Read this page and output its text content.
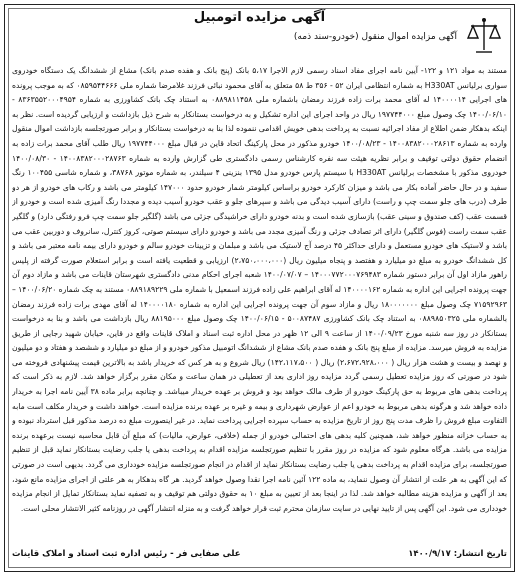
آگهی مزایده اتومبیل
آگهی مزایده اموال منقول (خودرو-سند ذمه)
مستند به مواد ۱۲۱ و ۱۲۲- آیین نامه اجرای مفاد اسناد رسمی لازم الاجرا ۵،۱۷ بانک (پنج بانک و هفده صدم بانک) مشاع از ششدانگ یک دستگاه خودروی سواری برلیانس H330AT به شماره انتظامی ایران ۵۲ - ۳۵۶ ط ۵۸ متعلق به آقای محمود نبائی فرزند غلامرضا شماره ملی ۰۸۵۹۵۴۴۶۶۶ که به موجب پرونده های اجرایی ۱۴۰۰۰۰۱۴ له آقای محمد برات زاده فرزند رمضان باشماره ملی ۰۸۸۹۸۱۱۴۵۸ به استناد چک بانک کشاورزی به شماره ۸۳۶۳۵۵۲۰۰۰۴۹۵۴ - ۱۴۰۰/۰۶/۱۰ چک وصول مبلغ ۱۹۷۷۴۴۰۰۰ ریال در واحد اجرای این اداره تشکیل و به درخواست بستانکار به شرح ذیل بازداشت و ارزیابی گردیده است. نظر به اینکه بدهکار ضمن اطلاع از مفاد اجرائیه نسبت به پرداخت بدهی خویش اقدامی ننموده لذا بنا به درخواست بستانکار و برابر صورتجلسه بازداشت اموال منقول وارده به شماره ۱۴۰۰۸۳۸۲۰۰۰۲۸۶۱۳ - ۱۴۰۰/۰۸/۲۳ خودرو مذکور در محل پارکینگ اتحاد قاین در قبال مبلغ ۱۹۷۷۴۴۰۰۰ ریال طلب آقای محمد برات زاده به انضمام حقوق دولتی توقیف و برابر نظریه هیئت سه نفره کارشناس رسمی دادگستری طی گزارش وارده به شماره ۱۴۰۰۸۳۸۲۰۰۰۲۸۷۶۳ - ۱۴۰۰/۰۸/۳۰ خودروی مذکور با مشخصات برلیانس H330AT با سیستم پارس خودرو مدل ۱۳۹۵ بنزینی ۴ سیلندر، به شماره موتور ۳۸۷۶۸، و شماره شاسی ۱۰۰۴۵۵ رنگ سفید و در حال حاضر آماده بکار می باشد و میزان کارکرد خودرو براساس کیلومتر شمار خودرو حدود ۱۴۷۰۰۰ کیلومتر می باشد و رکاب های خودرو از هر دو طرف (درب های جلو سمت چپ و راست) دارای آسیب دیدگی می باشد و سپرهای جلو و عقب خودرو آسیب دیده و مجددا رنگ آمیزی شده است و خودرو از قسمت عقب (کف صندوق و سینی عقب) بازسازی شده است و بدنه خودرو دارای خراشیدگی جزئی می باشد (گلگیر جلو سمت چپ فرو رفتگی دارد) و گلگیر عقب سمت راست (فوس گلگیر) دارای اثر تصادف جزئی و رنگ آمیزی مجدد می باشد و خودرو دارای سیستم صوتی، کروز کنترل، سانروف و دوربین عقب می باشد و لاستیک های خودرو مستعمل و دارای حداکثر ۴۵ درصد آج لاستیک می باشد و مبلمان و تزیینات خودرو سالم و خودرو دارای بیمه نامه معتبر می باشد و کل ششدانگ خودرو به مبلغ دو میلیارد و هفتصد و پنجاه میلیون ریال (۲،۷۵۰،۰۰۰،۰۰۰) ارزیابی و قطعیت یافته است و برابر استعلام صورت گرفته از پلیس راهور مازاد اول آن برابر دستور شماره ۱۴۰۰۰۷۷۲۰۰۰۷۶۹۴۸۳ – ۱۴۰۰/۰۷/۰۷ شعبه اجرای احکام مدنی دادگستری شهرستان قاینات می باشد و مازاد دوم آن جهت پرونده اجرایی این اداره به شماره ۱۴۰۰۰۰۱۶۲ له آقای ابراهیم علی زاده فرزند اسمعیل با شماره ملی ۰۸۸۹۱۸۹۲۲۹ مستند به چک شماره ۱۴۰۰/۰۶/۲۰ – ۷۱۵۹۲۹۶۳ چک وصول مبلغ ۱۸۰۰۰۰۰۰۰ ریال و مازاد سوم آن جهت پرونده اجرایی این اداره به شماره ۱۴۰۰۰۰۱۸۰ له آقای مهدی برات زاده فرزند رمضان بالشماره ملی ۰۸۸۹۸۵۰۳۲۵ به استناد چک بانک کشاورزی ۵۰۰۸۷۴۸۷ - ۱۴۰۰/۰۶/۱۵ چک وصول مبلغ ۸۸۱۹۵۰۰۰ ریال بازداشت می باشد و بنا به درخواست بستانکار در روز سه شنبه مورخ ۱۴۰۰/۰۹/۲۳ از ساعت ۹ الی ۱۲ ظهر در محل اداره ثبت اسناد و املاک قاینات واقع در قاین، خیابان شهید رجایی از طریق مزایده به فروش میرسد. مزایده از مبلغ پنج بانک و هفده صدم بانک مشاع از ششدانگ اتومبیل مذکور خودرو و از مبلغ دو میلیارد و ششصد و هفتاد و دو میلیون و نهصد و بیست و هشت هزار ریال ( ۲،۶۷۲،۹۲۸،۰۰۰) ریال ( ۱۴۲،۱۱۷،۵۰۰) ریال شروع و به هر کس که خریدار باشد به بالاترین قیمت پیشنهادی فروخته می شود در صورتی که روز مزایده تعطیل رسمی گردد مزایده روز اداری بعد از تعطیلی در همان ساعت و مکان مقرر برگزار خواهد شد. لازم به ذکر است که پرداخت بدهی های مربوط به حق پارکینگ خودرو از طرف مالک خواهد بود و فروش بر عهده خریدار میباشد. و چنانچه برابر ماده ۳۸ آیین نامه اجرا به خریدار داده خواهد شد و هرگونه بدهی مربوط به خودرو اعم از عوارض شهرداری و بیمه و غیره بر عهده برنده مزایده است. خواهند داشت و خریدار مکلف است مابه التفاوت مبلغ فروش را ظرف مدت پنج روز از تاریخ مزایده به حساب سپرده اجرایی پرداخت نماید. در غیر اینصورت مبلغ ده درصد مذکور قبل استرداد نبوده و به حساب خزانه منظور خواهد شد، همچنین کلیه بدهی های احتمالی خودرو از جمله (خلافی، عوارض، مالیات) که مبلغ آن قابل محاسبه نیست برعهده برنده مزایده می باشد. هرگاه معلوم شود که مزایده در روز مقرر با تنظیم صورتجلسه مزایده اقدام به پرداخت بدهی یا جلب رضایت بستانکار نماید قبل از تنظیم صورتجلسه، برای مزایده اقدام به پرداخت بدهی یا جلب رضایت بستانکار نماید از اقدام در انجام صورتجلسه مزایده خودداری می گردد. بدیهی است در صورتی که این آگهی به هر علت از انتشار آن وصول ننماید، به ماده ۱۲۲ آئین نامه اجرا نقدا وصول خواهد گردید. هر گاه بدهکار به هر علتی از اجرای مزایده مانع شود، بعد از آگهی و مزایده هزینه مطالبه خواهد شد. لذا در اینجا بعد از تعیین به مبلغ ۱۰ به حقوق دولتی هم توقیف و به تصفیه نماید بستانکار تمایل از انجام مزایده خودداری می شود. این آگهی پس از تایید نهایی در سایت سازمان محترم ثبت قرار خواهد گرفت و به منزله انتشار آگهی در روزنامه کثیر الانتشار محلی است.
تاریخ انتشار: ۱۴۰۰/۹/۱۷
علی صفایی فر - رئیس اداره ثبت اسناد و املاک قاینات
